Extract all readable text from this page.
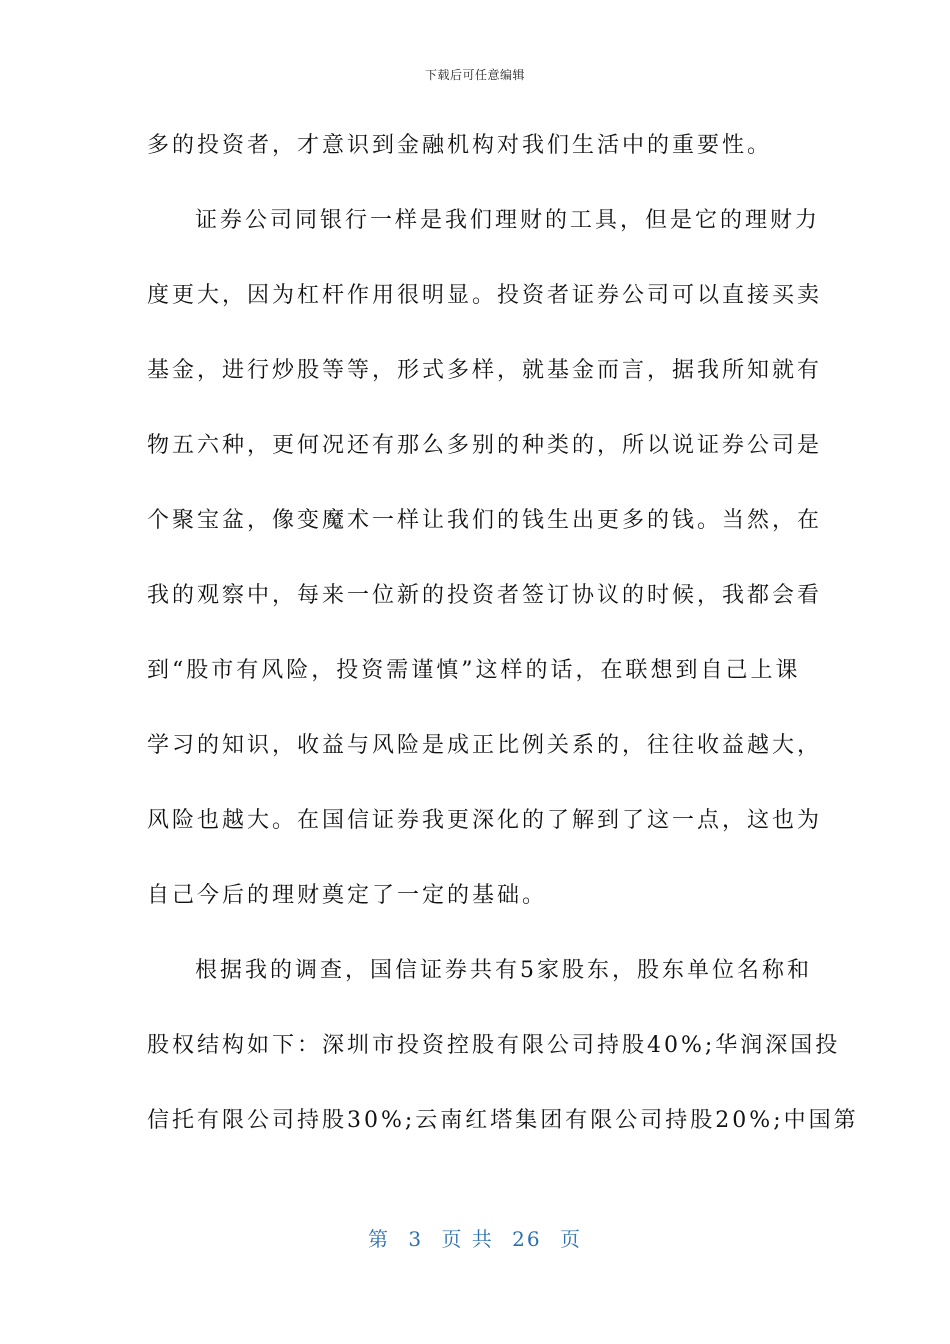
下载后可任意编辑
多的投资者，才意识到金融机构对我们生活中的重要性。
证券公司同银行一样是我们理财的工具，但是它的理财力
度更大，因为杠杆作用很明显。投资者证券公司可以直接买卖
基金，进行炒股等等，形式多样，就基金而言，据我所知就有
物五六种，更何况还有那么多别的种类的，所以说证券公司是
个聚宝盆，像变魔术一样让我们的钱生出更多的钱。当然，在
我的观察中，每来一位新的投资者签订协议的时候，我都会看
到“股市有风险，投资需谨慎”这样的话，在联想到自己上课
学习的知识，收益与风险是成正比例关系的，往往收益越大，
风险也越大。在国信证券我更深化的了解到了这一点，这也为
自己今后的理财奠定了一定的基础。
根据我的调查，国信证券共有5家股东，股东单位名称和
股权结构如下：深圳市投资控股有限公司持股40%;华润深国投
信托有限公司持股30%;云南红塔集团有限公司持股20%;中国第
第 3 页 共 26 页
